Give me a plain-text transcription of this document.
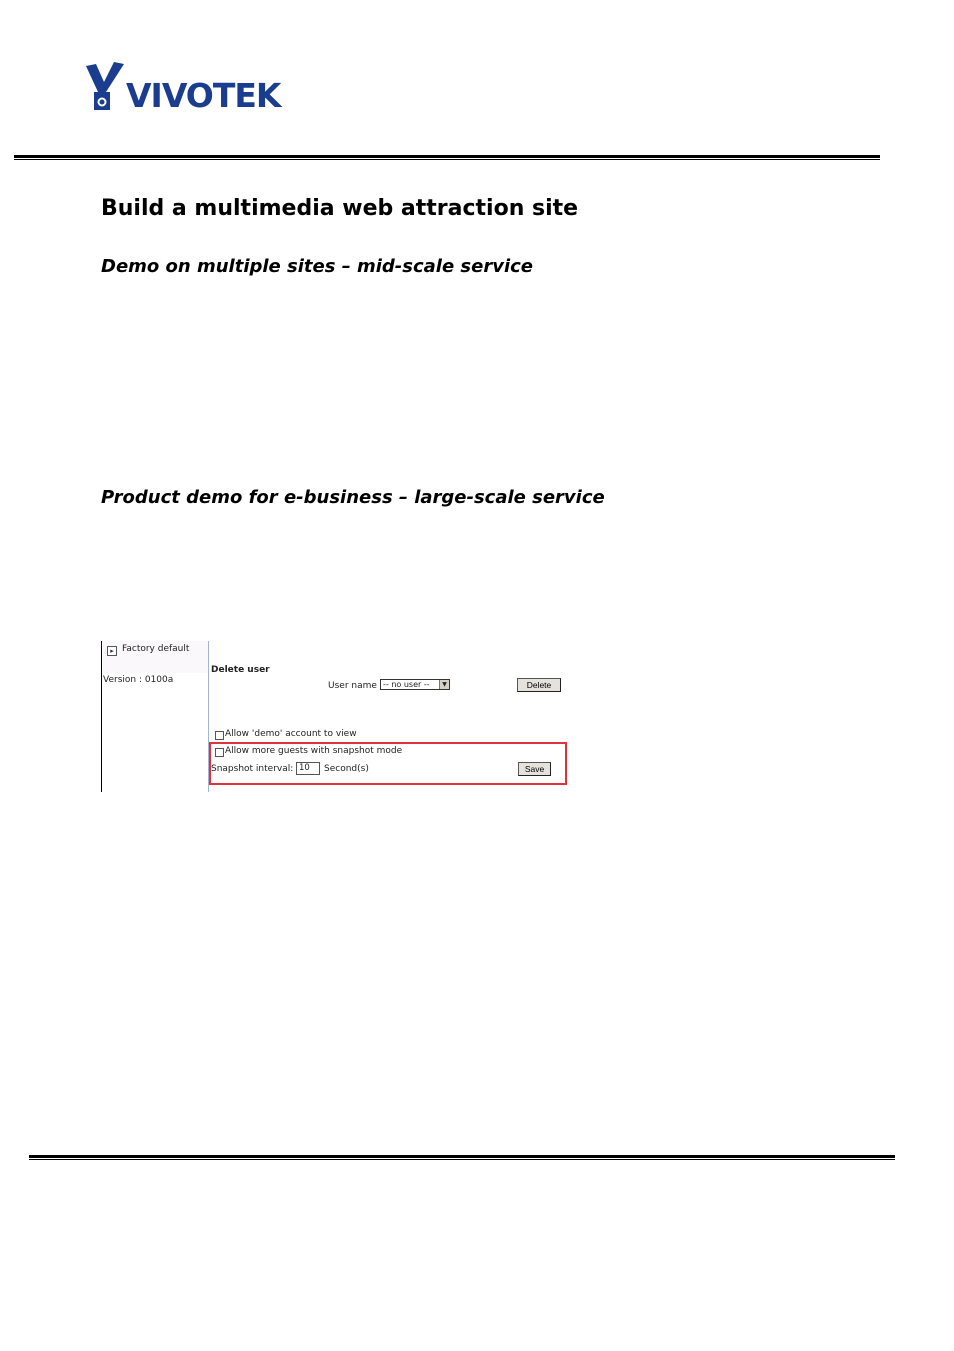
VIVOTEK
Build a multimedia web attraction site
Demo on multiple sites – mid-scale service
Product demo for e-business – large-scale service
▸ Factory default
Version : 0100a
Delete user
User name -- no user --	▼	Delete
Allow 'demo' account to view
Allow more guests with snapshot mode
Snapshot interval: 10	Second(s)	Save
